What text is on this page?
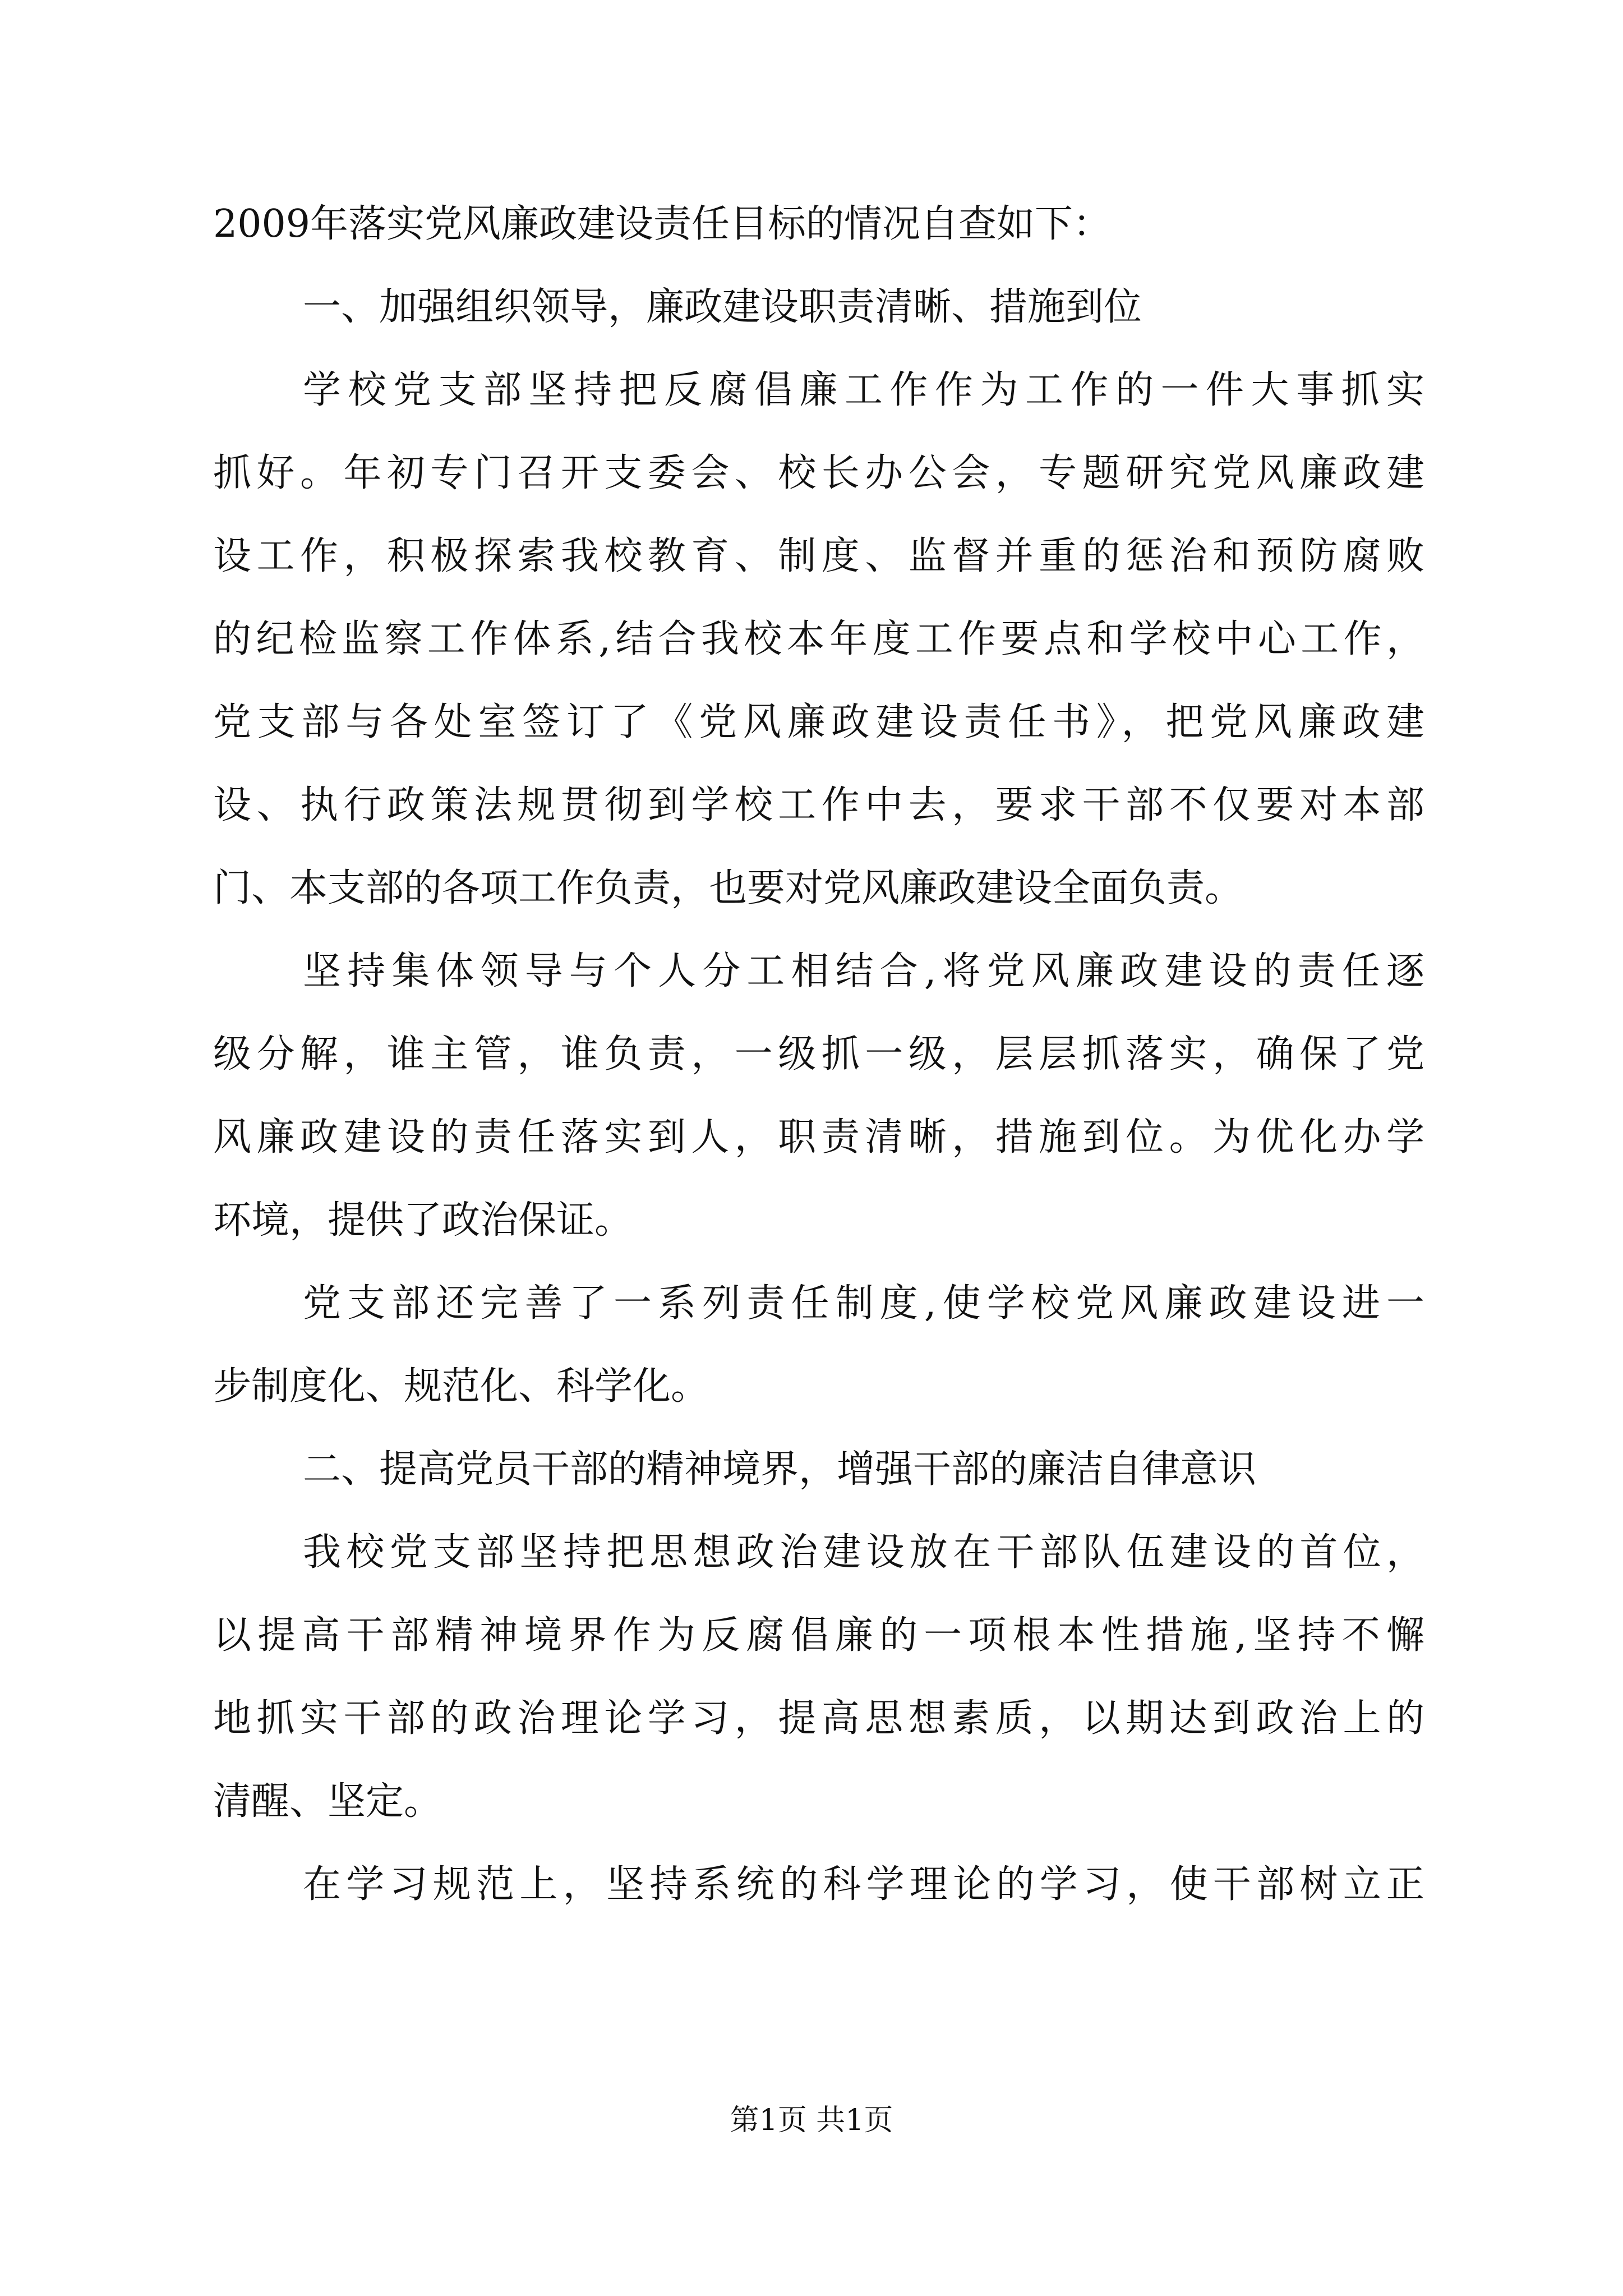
2009年落实党风廉政建设责任目标的情况自查如下：
一、加强组织领导，廉政建设职责清晰、措施到位
学校党支部坚持把反腐倡廉工作作为工作的一件大事抓实
抓好。年初专门召开支委会、校长办公会，专题研究党风廉政建
设工作，积极探索我校教育、制度、监督并重的惩治和预防腐败
的纪检监察工作体系,结合我校本年度工作要点和学校中心工作，
党支部与各处室签订了《党风廉政建设责任书》，把党风廉政建
设、执行政策法规贯彻到学校工作中去，要求干部不仅要对本部
门、本支部的各项工作负责，也要对党风廉政建设全面负责。
坚持集体领导与个人分工相结合,将党风廉政建设的责任逐
级分解，谁主管，谁负责，一级抓一级，层层抓落实，确保了党
风廉政建设的责任落实到人，职责清晰，措施到位。为优化办学
环境，提供了政治保证。
党支部还完善了一系列责任制度,使学校党风廉政建设进一
步制度化、规范化、科学化。
二、提高党员干部的精神境界，增强干部的廉洁自律意识
我校党支部坚持把思想政治建设放在干部队伍建设的首位，
以提高干部精神境界作为反腐倡廉的一项根本性措施,坚持不懈
地抓实干部的政治理论学习，提高思想素质，以期达到政治上的
清醒、坚定。
在学习规范上，坚持系统的科学理论的学习，使干部树立正
第1页 共1页
